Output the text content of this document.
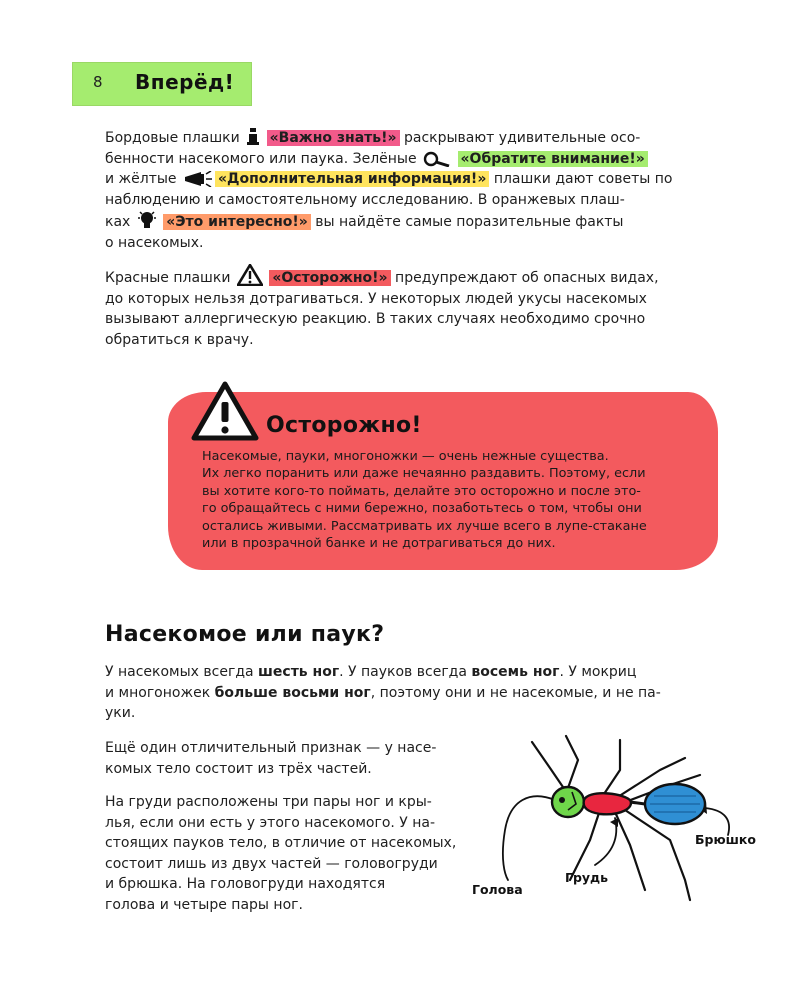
8 Вперёд!
Бордовые плашки  «Важно знать!» раскрывают удивительные осо-
бенности насекомого или паука. Зелёные	«Обратите внимание!»
и жёлтые	«Дополнительная информация!» плашки дают советы по
наблюдению и самостоятельному исследованию. В оранжевых плаш-
ках  «Это интересно!» вы найдёте самые поразительные факты
о насекомых.
Красные плашки	«Осторожно!» предупреждают об опасных видах,
до которых нельзя дотрагиваться. У некоторых людей укусы насекомых
вызывают аллергическую реакцию. В таких случаях необходимо срочно
обратиться к врачу.
Осторожно!
Насекомые, пауки, многоножки — очень нежные существа.
Их легко поранить или даже нечаянно раздавить. Поэтому, если
вы хотите кого-то поймать, делайте это осторожно и после это-
го обращайтесь с ними бережно, позаботьтесь о том, чтобы они
остались живыми. Рассматривать их лучше всего в лупе-стакане
или в прозрачной банке и не дотрагиваться до них.
Насекомое или паук?
У насекомых всегда шесть ног. У пауков всегда восемь ног. У мокриц
и многоножек больше восьми ног, поэтому они и не насекомые, и не па-
уки.
Ещё один отличительный признак — у насе-
комых тело состоит из трёх частей.
На груди расположены три пары ног и кры-
лья, если они есть у этого насекомого. У на-
стоящих пауков тело, в отличие от насекомых,
состоит лишь из двух частей — головогруди
и брюшка. На головогруди находятся
голова и четыре пары ног.
Голова
Грудь
Брюшко
